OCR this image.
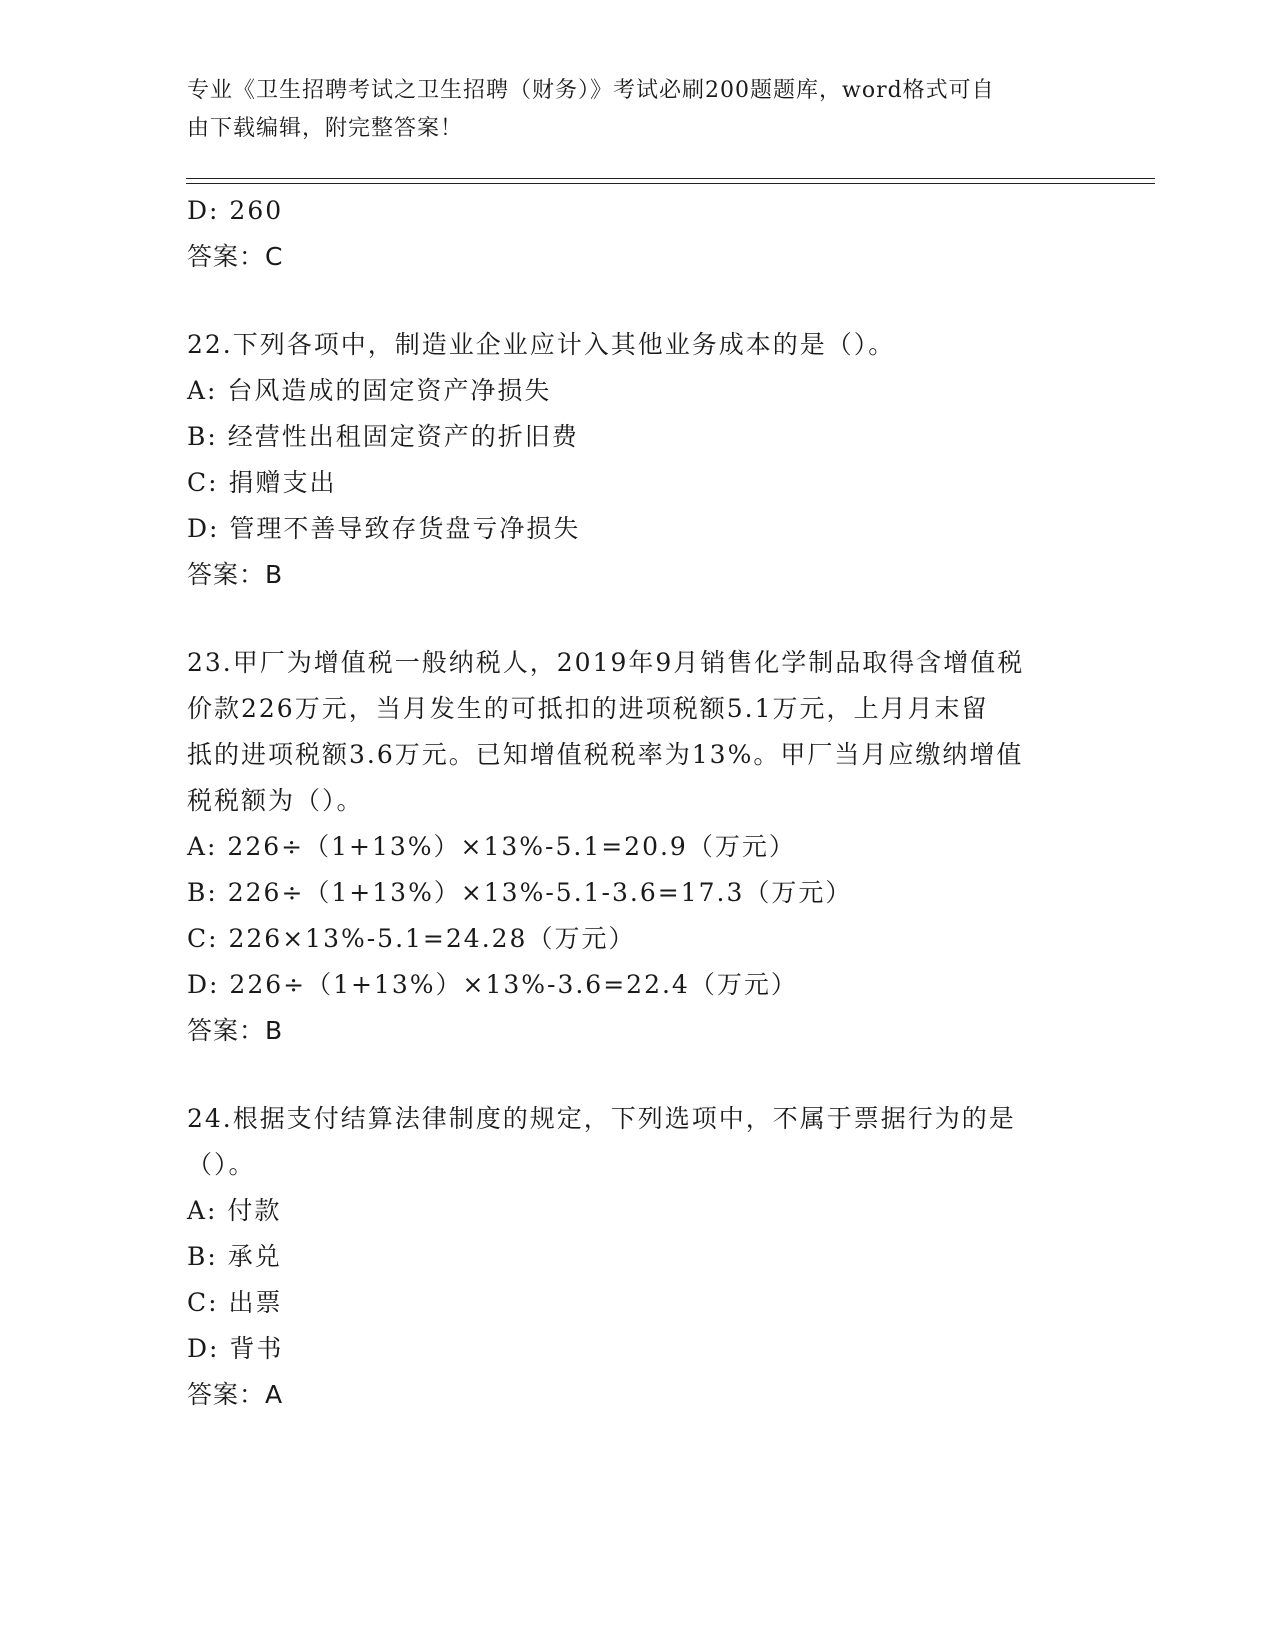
专业《卫生招聘考试之卫生招聘（财务）》考试必刷200题题库，word格式可自
由下载编辑，附完整答案！
D: 260
答案：C
22.下列各项中，制造业企业应计入其他业务成本的是（）。
A: 台风造成的固定资产净损失
B: 经营性出租固定资产的折旧费
C: 捐赠支出
D: 管理不善导致存货盘亏净损失
答案：B
23.甲厂为增值税一般纳税人，2019年9月销售化学制品取得含增值税
价款226万元，当月发生的可抵扣的进项税额5.1万元，上月月末留
抵的进项税额3.6万元。已知增值税税率为13%。甲厂当月应缴纳增值
税税额为（）。
A: 226÷（1+13%）×13%-5.1=20.9（万元）
B: 226÷（1+13%）×13%-5.1-3.6=17.3（万元）
C: 226×13%-5.1=24.28（万元）
D: 226÷（1+13%）×13%-3.6=22.4（万元）
答案：B
24.根据支付结算法律制度的规定，下列选项中，不属于票据行为的是
（）。
A: 付款
B: 承兑
C: 出票
D: 背书
答案：A
